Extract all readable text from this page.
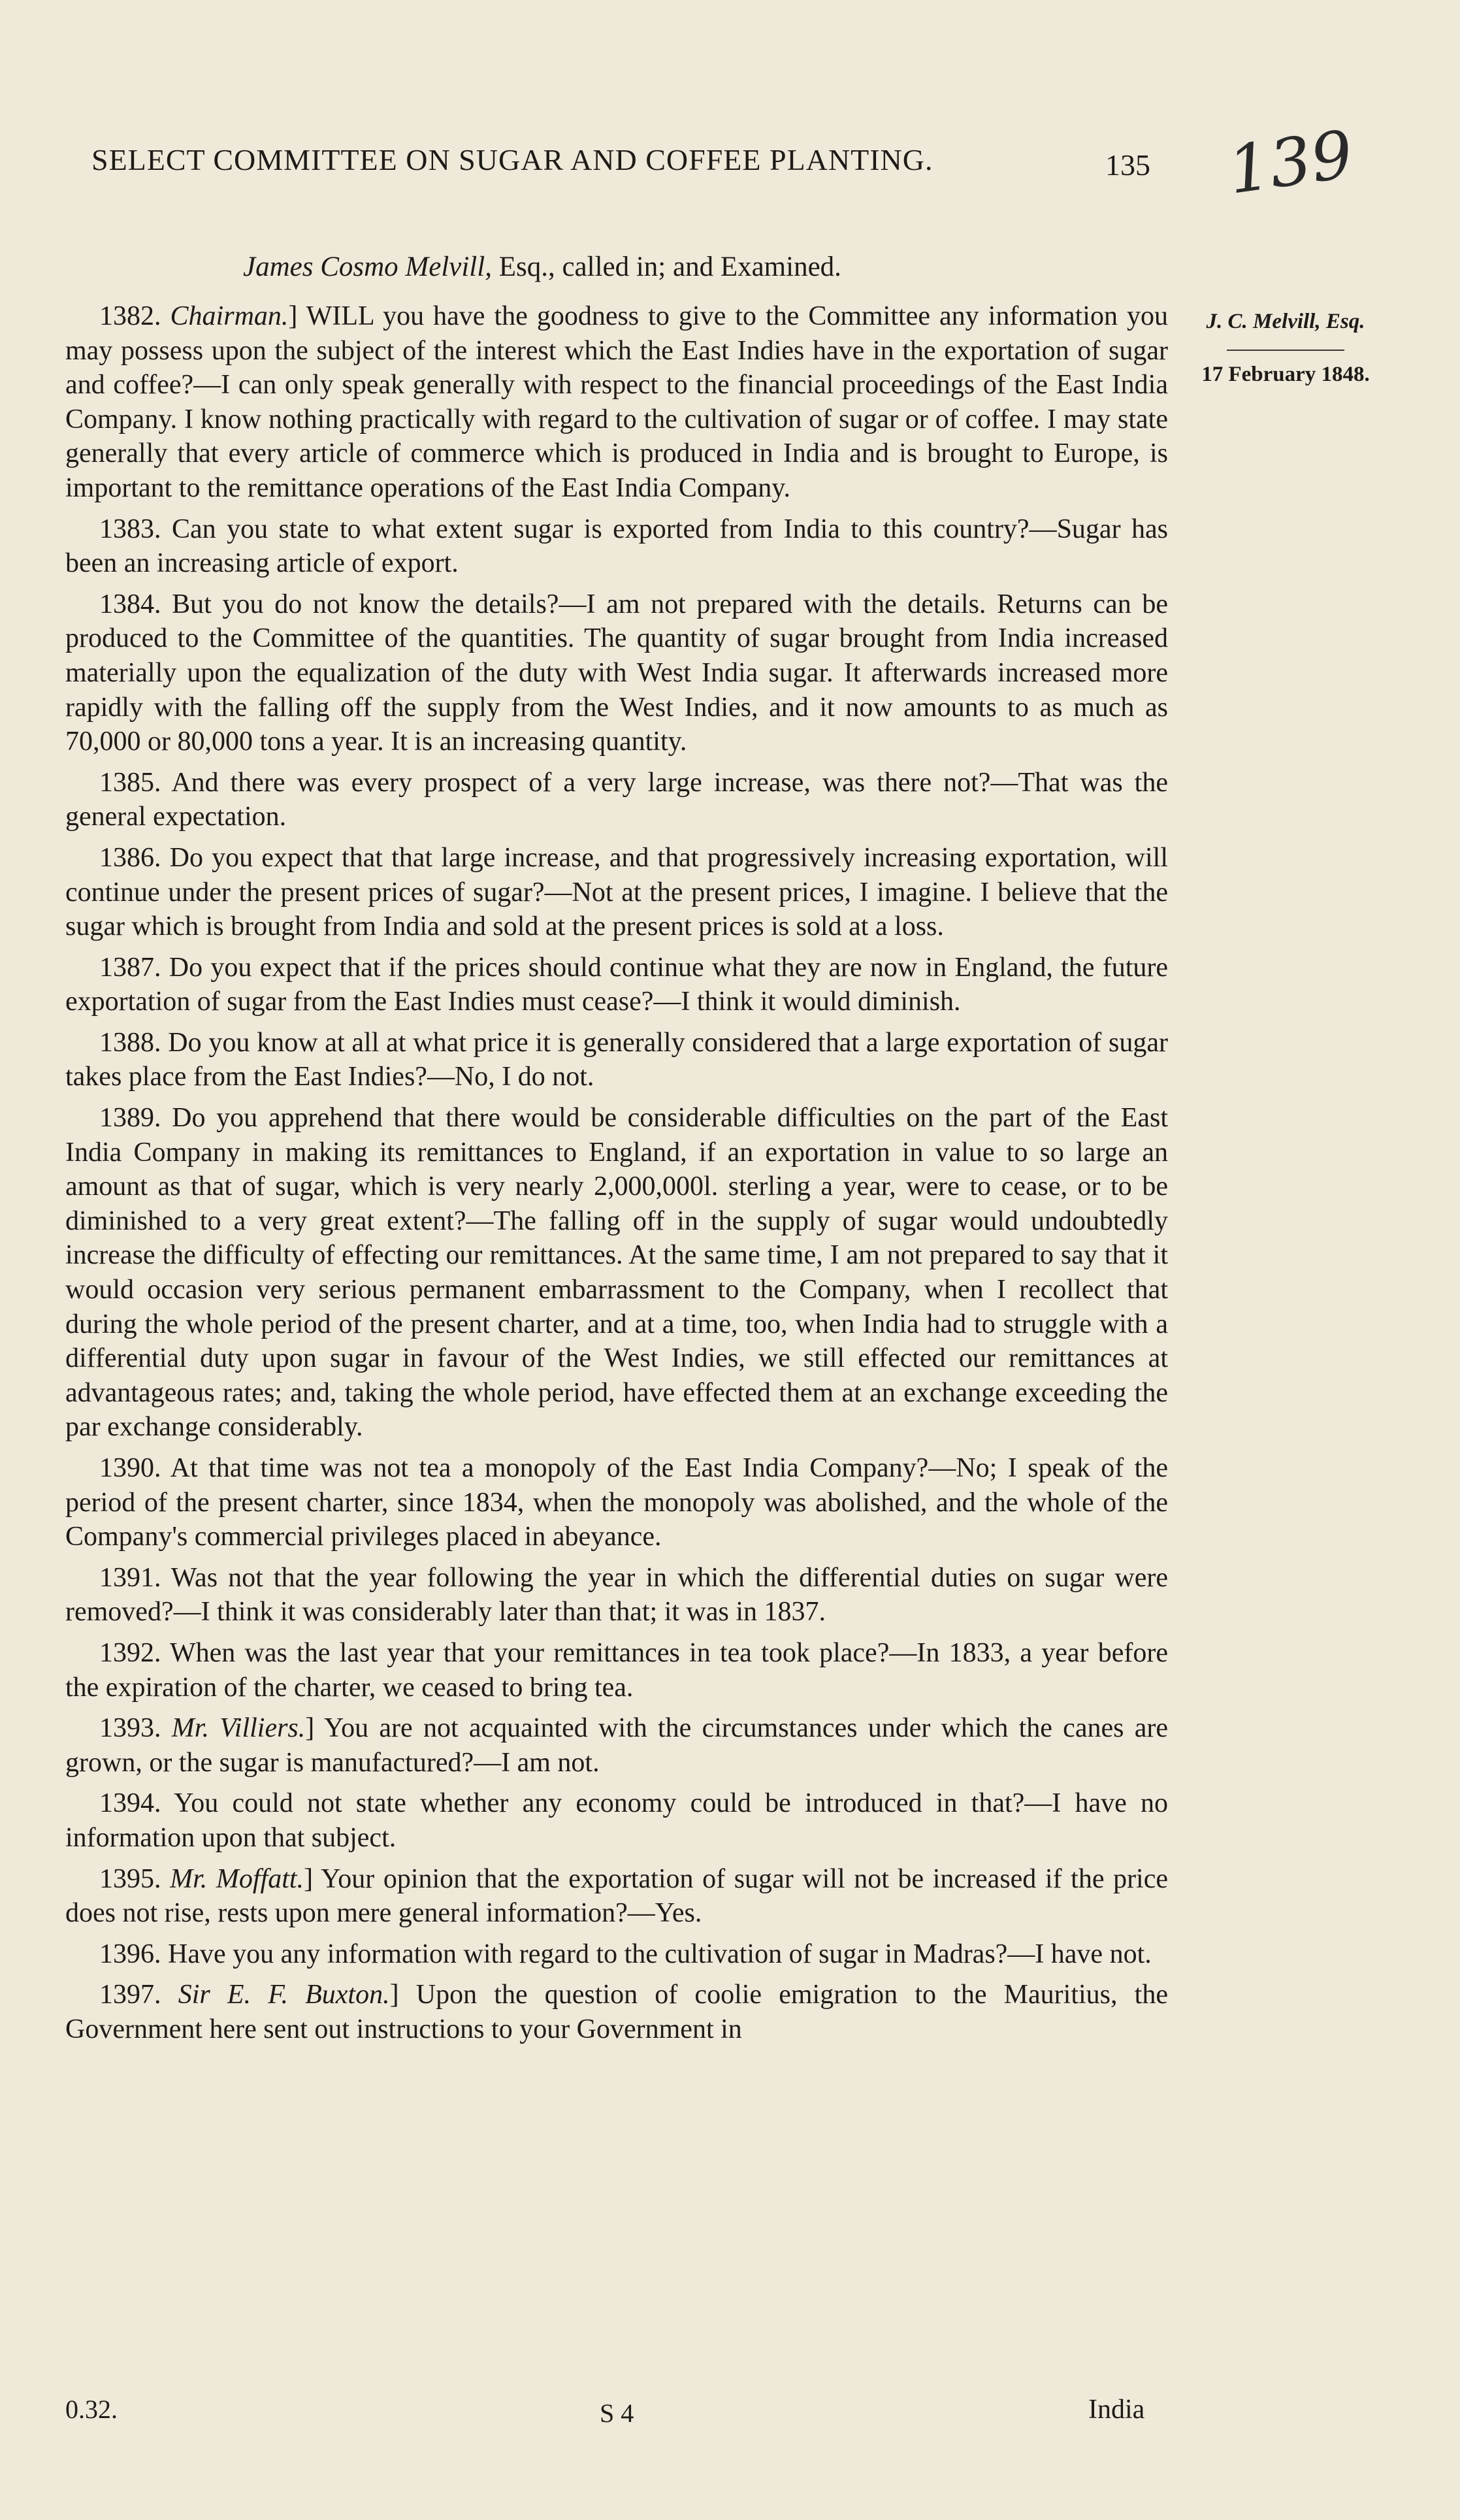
SELECT COMMITTEE ON SUGAR AND COFFEE PLANTING.	135 139
James Cosmo Melvill, Esq., called in; and Examined.
J. C. Melvill, Esq.
17 February 1848.

1382. Chairman.] WILL you have the goodness to give to the Committee any information you may possess upon the subject of the interest which the East Indies have in the exportation of sugar and coffee?—I can only speak generally with respect to the financial proceedings of the East India Company. I know nothing practically with regard to the cultivation of sugar or of coffee. I may state generally that every article of commerce which is produced in India and is brought to Europe, is important to the remittance operations of the East India Company.

1383. Can you state to what extent sugar is exported from India to this country?—Sugar has been an increasing article of export.

1384. But you do not know the details?—I am not prepared with the details. Returns can be produced to the Committee of the quantities. The quantity of sugar brought from India increased materially upon the equalization of the duty with West India sugar. It afterwards increased more rapidly with the falling off the supply from the West Indies, and it now amounts to as much as 70,000 or 80,000 tons a year. It is an increasing quantity.

1385. And there was every prospect of a very large increase, was there not?—That was the general expectation.

1386. Do you expect that that large increase, and that progressively increasing exportation, will continue under the present prices of sugar?—Not at the present prices, I imagine. I believe that the sugar which is brought from India and sold at the present prices is sold at a loss.

1387. Do you expect that if the prices should continue what they are now in England, the future exportation of sugar from the East Indies must cease?—I think it would diminish.

1388. Do you know at all at what price it is generally considered that a large exportation of sugar takes place from the East Indies?—No, I do not.

1389. Do you apprehend that there would be considerable difficulties on the part of the East India Company in making its remittances to England, if an exportation in value to so large an amount as that of sugar, which is very nearly 2,000,000l. sterling a year, were to cease, or to be diminished to a very great extent?—The falling off in the supply of sugar would undoubtedly increase the difficulty of effecting our remittances. At the same time, I am not prepared to say that it would occasion very serious permanent embarrassment to the Company, when I recollect that during the whole period of the present charter, and at a time, too, when India had to struggle with a differential duty upon sugar in favour of the West Indies, we still effected our remittances at advantageous rates; and, taking the whole period, have effected them at an exchange exceeding the par exchange considerably.

1390. At that time was not tea a monopoly of the East India Company?—No; I speak of the period of the present charter, since 1834, when the monopoly was abolished, and the whole of the Company's commercial privileges placed in abeyance.

1391. Was not that the year following the year in which the differential duties on sugar were removed?—I think it was considerably later than that; it was in 1837.

1392. When was the last year that your remittances in tea took place?—In 1833, a year before the expiration of the charter, we ceased to bring tea.

1393. Mr. Villiers.] You are not acquainted with the circumstances under which the canes are grown, or the sugar is manufactured?—I am not.

1394. You could not state whether any economy could be introduced in that?—I have no information upon that subject.

1395. Mr. Moffatt.] Your opinion that the exportation of sugar will not be increased if the price does not rise, rests upon mere general information?—Yes.

1396. Have you any information with regard to the cultivation of sugar in Madras?—I have not.

1397. Sir E. F. Buxton.] Upon the question of coolie emigration to the Mauritius, the Government here sent out instructions to your Government in

0.32.	S 4	India
